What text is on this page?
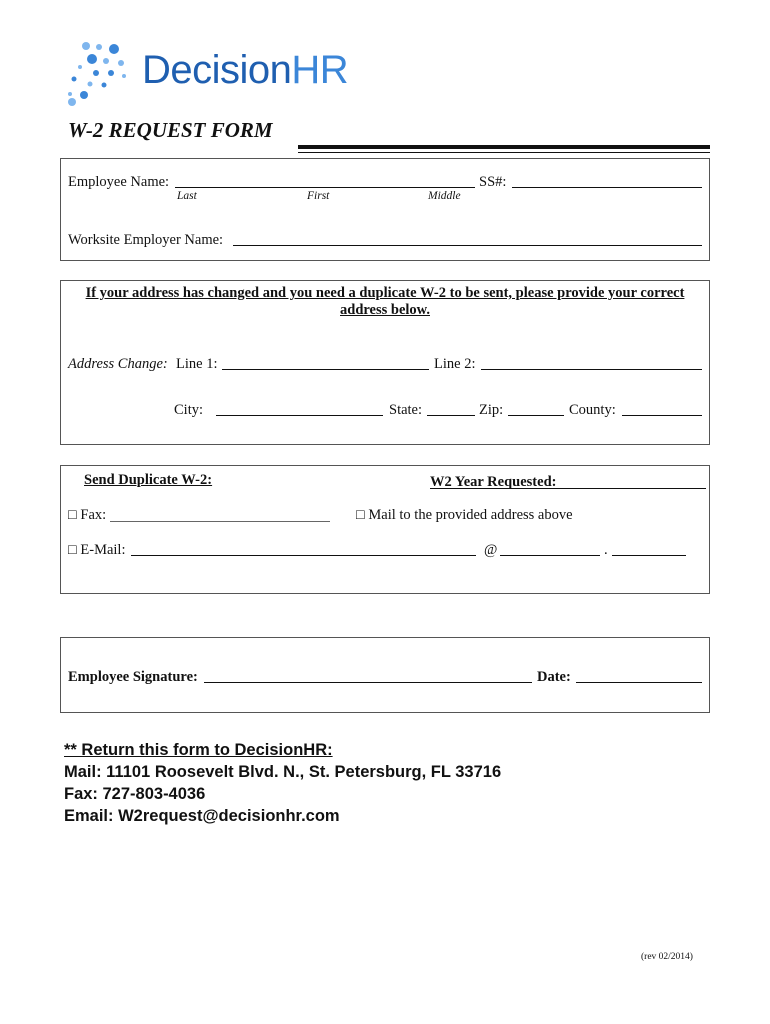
DecisionHR
W-2 REQUEST FORM
Employee Name:
Last	First	Middle
SS#:
Worksite Employer Name:
If your address has changed and you need a duplicate W-2 to be sent, please provide your correct
address below.
Address Change: Line 1:	Line 2:
City:	State:	Zip:	County:
Send Duplicate W-2:	W2 Year Requested:
□ Fax:	□ Mail to the provided address above
□ E-Mail:	@	.
Employee Signature:	Date:
** Return this form to DecisionHR:
Mail: 11101 Roosevelt Blvd. N., St. Petersburg, FL 33716
Fax: 727-803-4036
Email: W2request@decisionhr.com
(rev 02/2014)
